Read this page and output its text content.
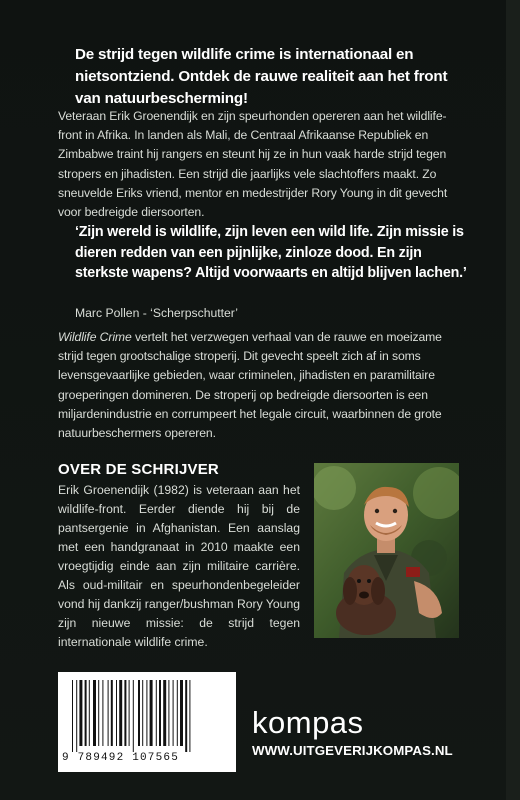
De strijd tegen wildlife crime is internationaal en nietsontziend. Ontdek de rauwe realiteit aan het front van natuurbescherming!
Veteraan Erik Groenendijk en zijn speurhonden opereren aan het wildlife-front in Afrika. In landen als Mali, de Centraal Afrikaanse Republiek en Zimbabwe traint hij rangers en steunt hij ze in hun vaak harde strijd tegen stropers en jihadisten. Een strijd die jaarlijks vele slachtoffers maakt. Zo sneuvelde Eriks vriend, mentor en medestrijder Rory Young in dit gevecht voor bedreigde diersoorten.
‘Zijn wereld is wildlife, zijn leven een wild life. Zijn missie is dieren redden van een pijnlijke, zinloze dood. En zijn sterkste wapens? Altijd voorwaarts en altijd blijven lachen.’
Marc Pollen - ‘Scherpschutter’
Wildlife Crime vertelt het verzwegen verhaal van de rauwe en moeizame strijd tegen grootschalige stroperij. Dit gevecht speelt zich af in soms levensgevaarlijke gebieden, waar criminelen, jihadisten en paramilitaire groeperingen domineren. De stroperij op bedreigde diersoorten is een miljardenindustrie en corrumpeert het legale circuit, waarbinnen de grote natuurbeschermers opereren.
OVER DE SCHRIJVER
Erik Groenendijk (1982) is veteraan aan het wildlife-front. Eerder diende hij bij de pantsergenie in Afghanistan. Een aanslag met een handgranaat in 2010 maakte een vroegtijdig einde aan zijn militaire carrière. Als oud-militair en speurhondenbegeleider vond hij dankzij ranger/bushman Rory Young zijn nieuwe missie: de strijd tegen internationale wildlife crime.
9 789492 107565
kompas
WWW.UITGEVERIJKOMPAS.NL
